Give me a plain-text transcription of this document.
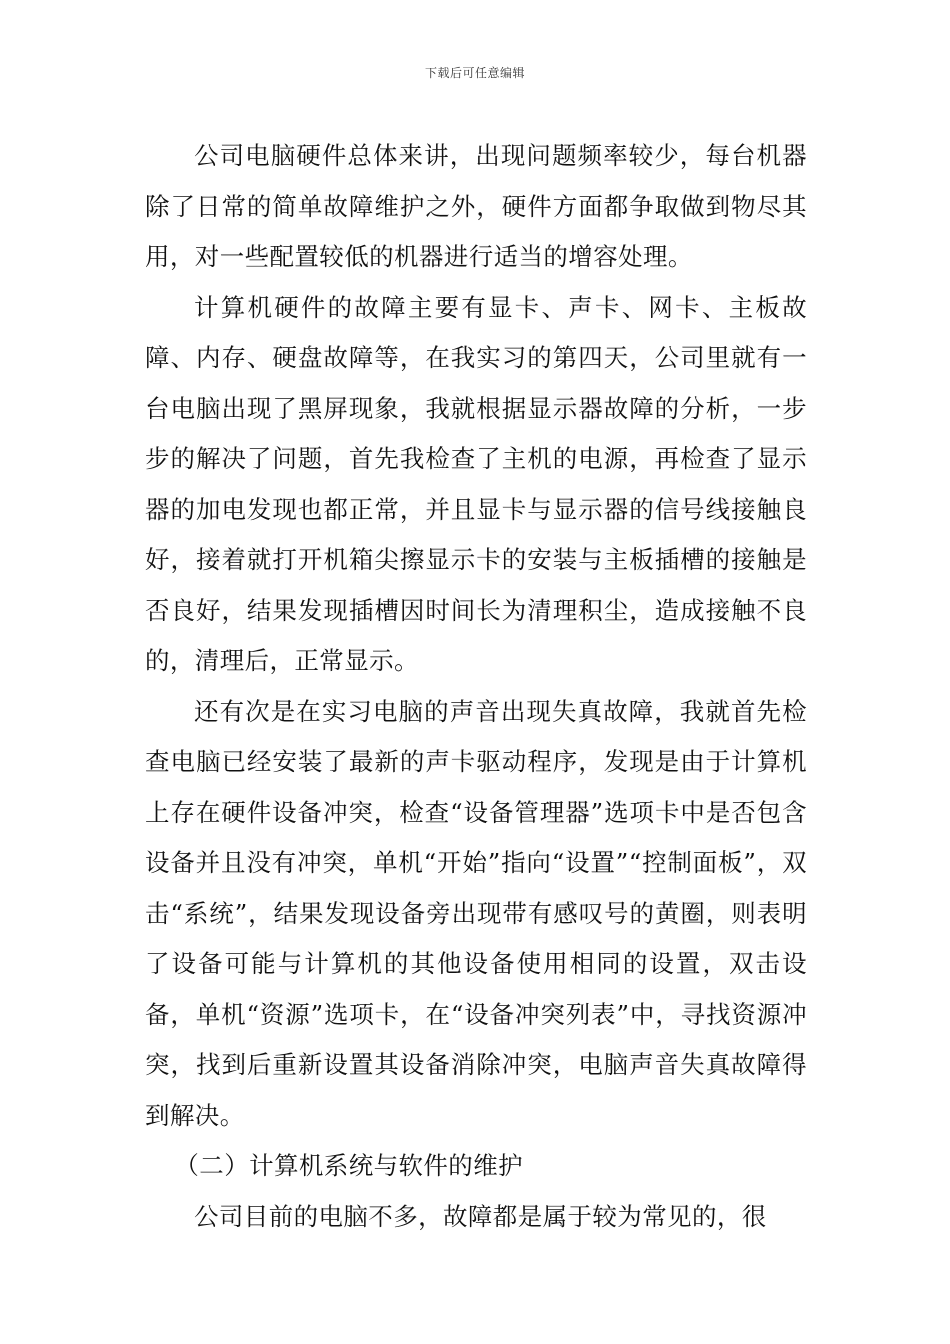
下载后可任意编辑

公司电脑硬件总体来讲，出现问题频率较少，每台机器除了日常的简单故障维护之外，硬件方面都争取做到物尽其用，对一些配置较低的机器进行适当的增容处理。

计算机硬件的故障主要有显卡、声卡、网卡、主板故障、内存、硬盘故障等，在我实习的第四天，公司里就有一台电脑出现了黑屏现象，我就根据显示器故障的分析，一步步的解决了问题，首先我检查了主机的电源，再检查了显示器的加电发现也都正常，并且显卡与显示器的信号线接触良好，接着就打开机箱尖擦显示卡的安装与主板插槽的接触是否良好，结果发现插槽因时间长为清理积尘，造成接触不良的，清理后，正常显示。

还有次是在实习电脑的声音出现失真故障，我就首先检查电脑已经安装了最新的声卡驱动程序，发现是由于计算机上存在硬件设备冲突，检查“设备管理器”选项卡中是否包含设备并且没有冲突，单机“开始”指向“设置”“控制面板”，双击“系统”，结果发现设备旁出现带有感叹号的黄圈，则表明了设备可能与计算机的其他设备使用相同的设置，双击设备，单机“资源”选项卡，在“设备冲突列表”中，寻找资源冲突，找到后重新设置其设备消除冲突，电脑声音失真故障得到解决。

（二）计算机系统与软件的维护

公司目前的电脑不多，故障都是属于较为常见的，很
